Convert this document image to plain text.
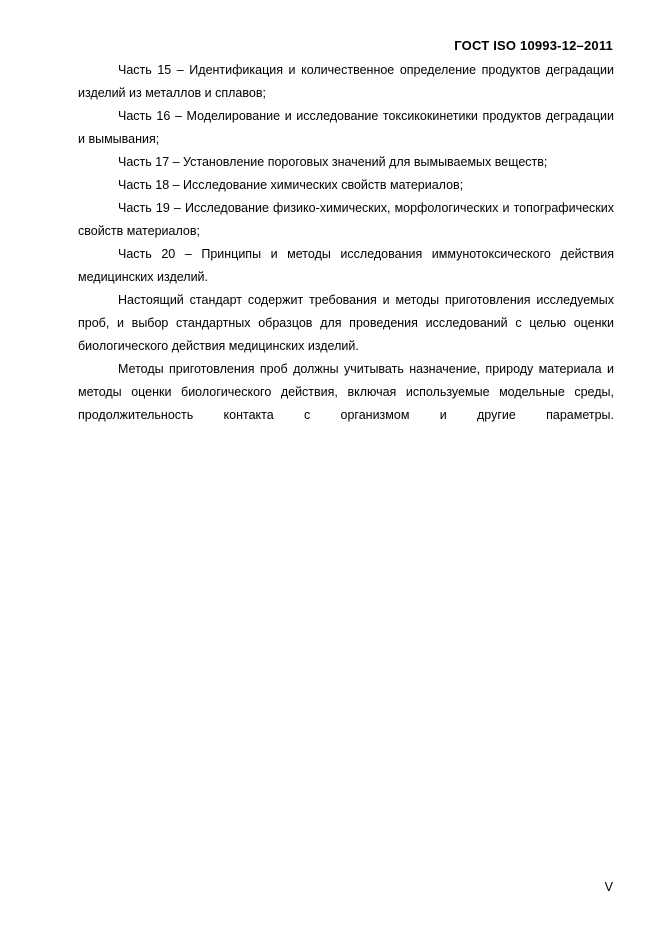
ГОСТ ISO 10993-12–2011

Часть 15 – Идентификация и количественное определение продуктов деградации изделий из металлов и сплавов;

Часть 16 – Моделирование и исследование токсикокинетики продуктов деградации и вымывания;

Часть 17 – Установление пороговых значений для вымываемых веществ;

Часть 18 – Исследование химических свойств материалов;

Часть 19 – Исследование физико-химических, морфологических и топографических свойств материалов;

Часть 20 – Принципы и методы исследования иммунотоксического действия медицинских изделий.

Настоящий стандарт содержит требования и методы приготовления исследуемых проб, и выбор стандартных образцов для проведения исследований с целью оценки биологического действия медицинских изделий.

Методы приготовления проб должны учитывать назначение, природу материала и методы оценки биологического действия, включая используемые модельные среды, продолжительность контакта с организмом и другие параметры.

V
